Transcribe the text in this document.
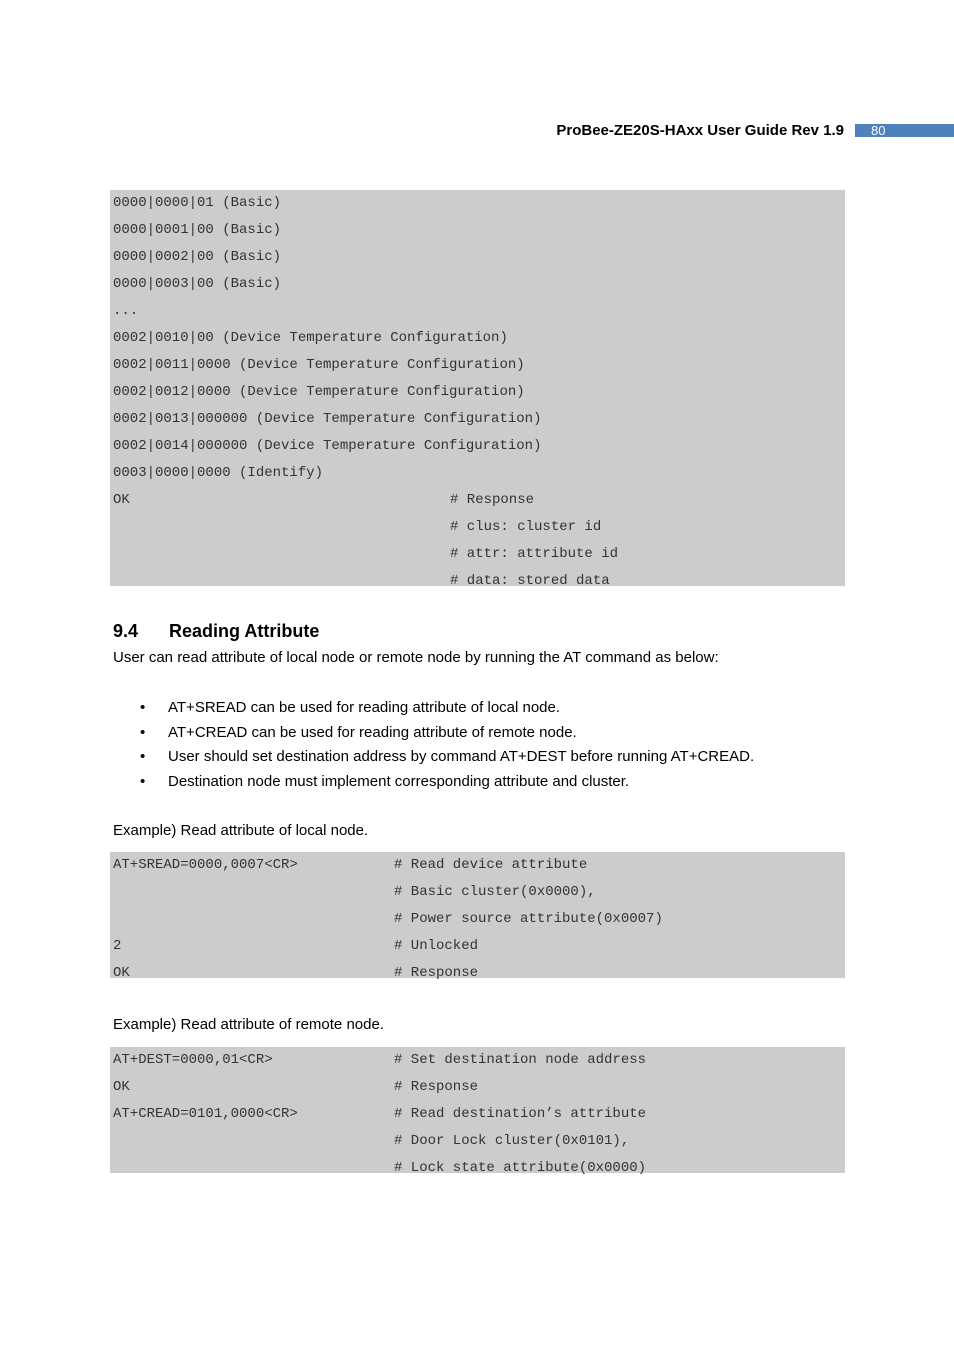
ProBee-ZE20S-HAxx User Guide Rev 1.9	80
0000|0000|01 (Basic)
0000|0001|00 (Basic)
0000|0002|00 (Basic)
0000|0003|00 (Basic)
...
0002|0010|00 (Device Temperature Configuration)
0002|0011|0000 (Device Temperature Configuration)
0002|0012|0000 (Device Temperature Configuration)
0002|0013|000000 (Device Temperature Configuration)
0002|0014|000000 (Device Temperature Configuration)
0003|0000|0000 (Identify)
OK	# Response
# clus: cluster id
# attr: attribute id
# data: stored data
9.4 Reading Attribute
User can read attribute of local node or remote node by running the AT command as below:
• AT+SREAD can be used for reading attribute of local node.
• AT+CREAD can be used for reading attribute of remote node.
• User should set destination address by command AT+DEST before running AT+CREAD.
• Destination node must implement corresponding attribute and cluster.
Example) Read attribute of local node.
AT+SREAD=0000,0007<CR>	# Read device attribute
# Basic cluster(0x0000),
# Power source attribute(0x0007)
2	# Unlocked
OK	# Response
Example) Read attribute of remote node.
AT+DEST=0000,01<CR>	# Set destination node address
OK	# Response
AT+CREAD=0101,0000<CR>	# Read destination’s attribute
# Door Lock cluster(0x0101),
# Lock state attribute(0x0000)
